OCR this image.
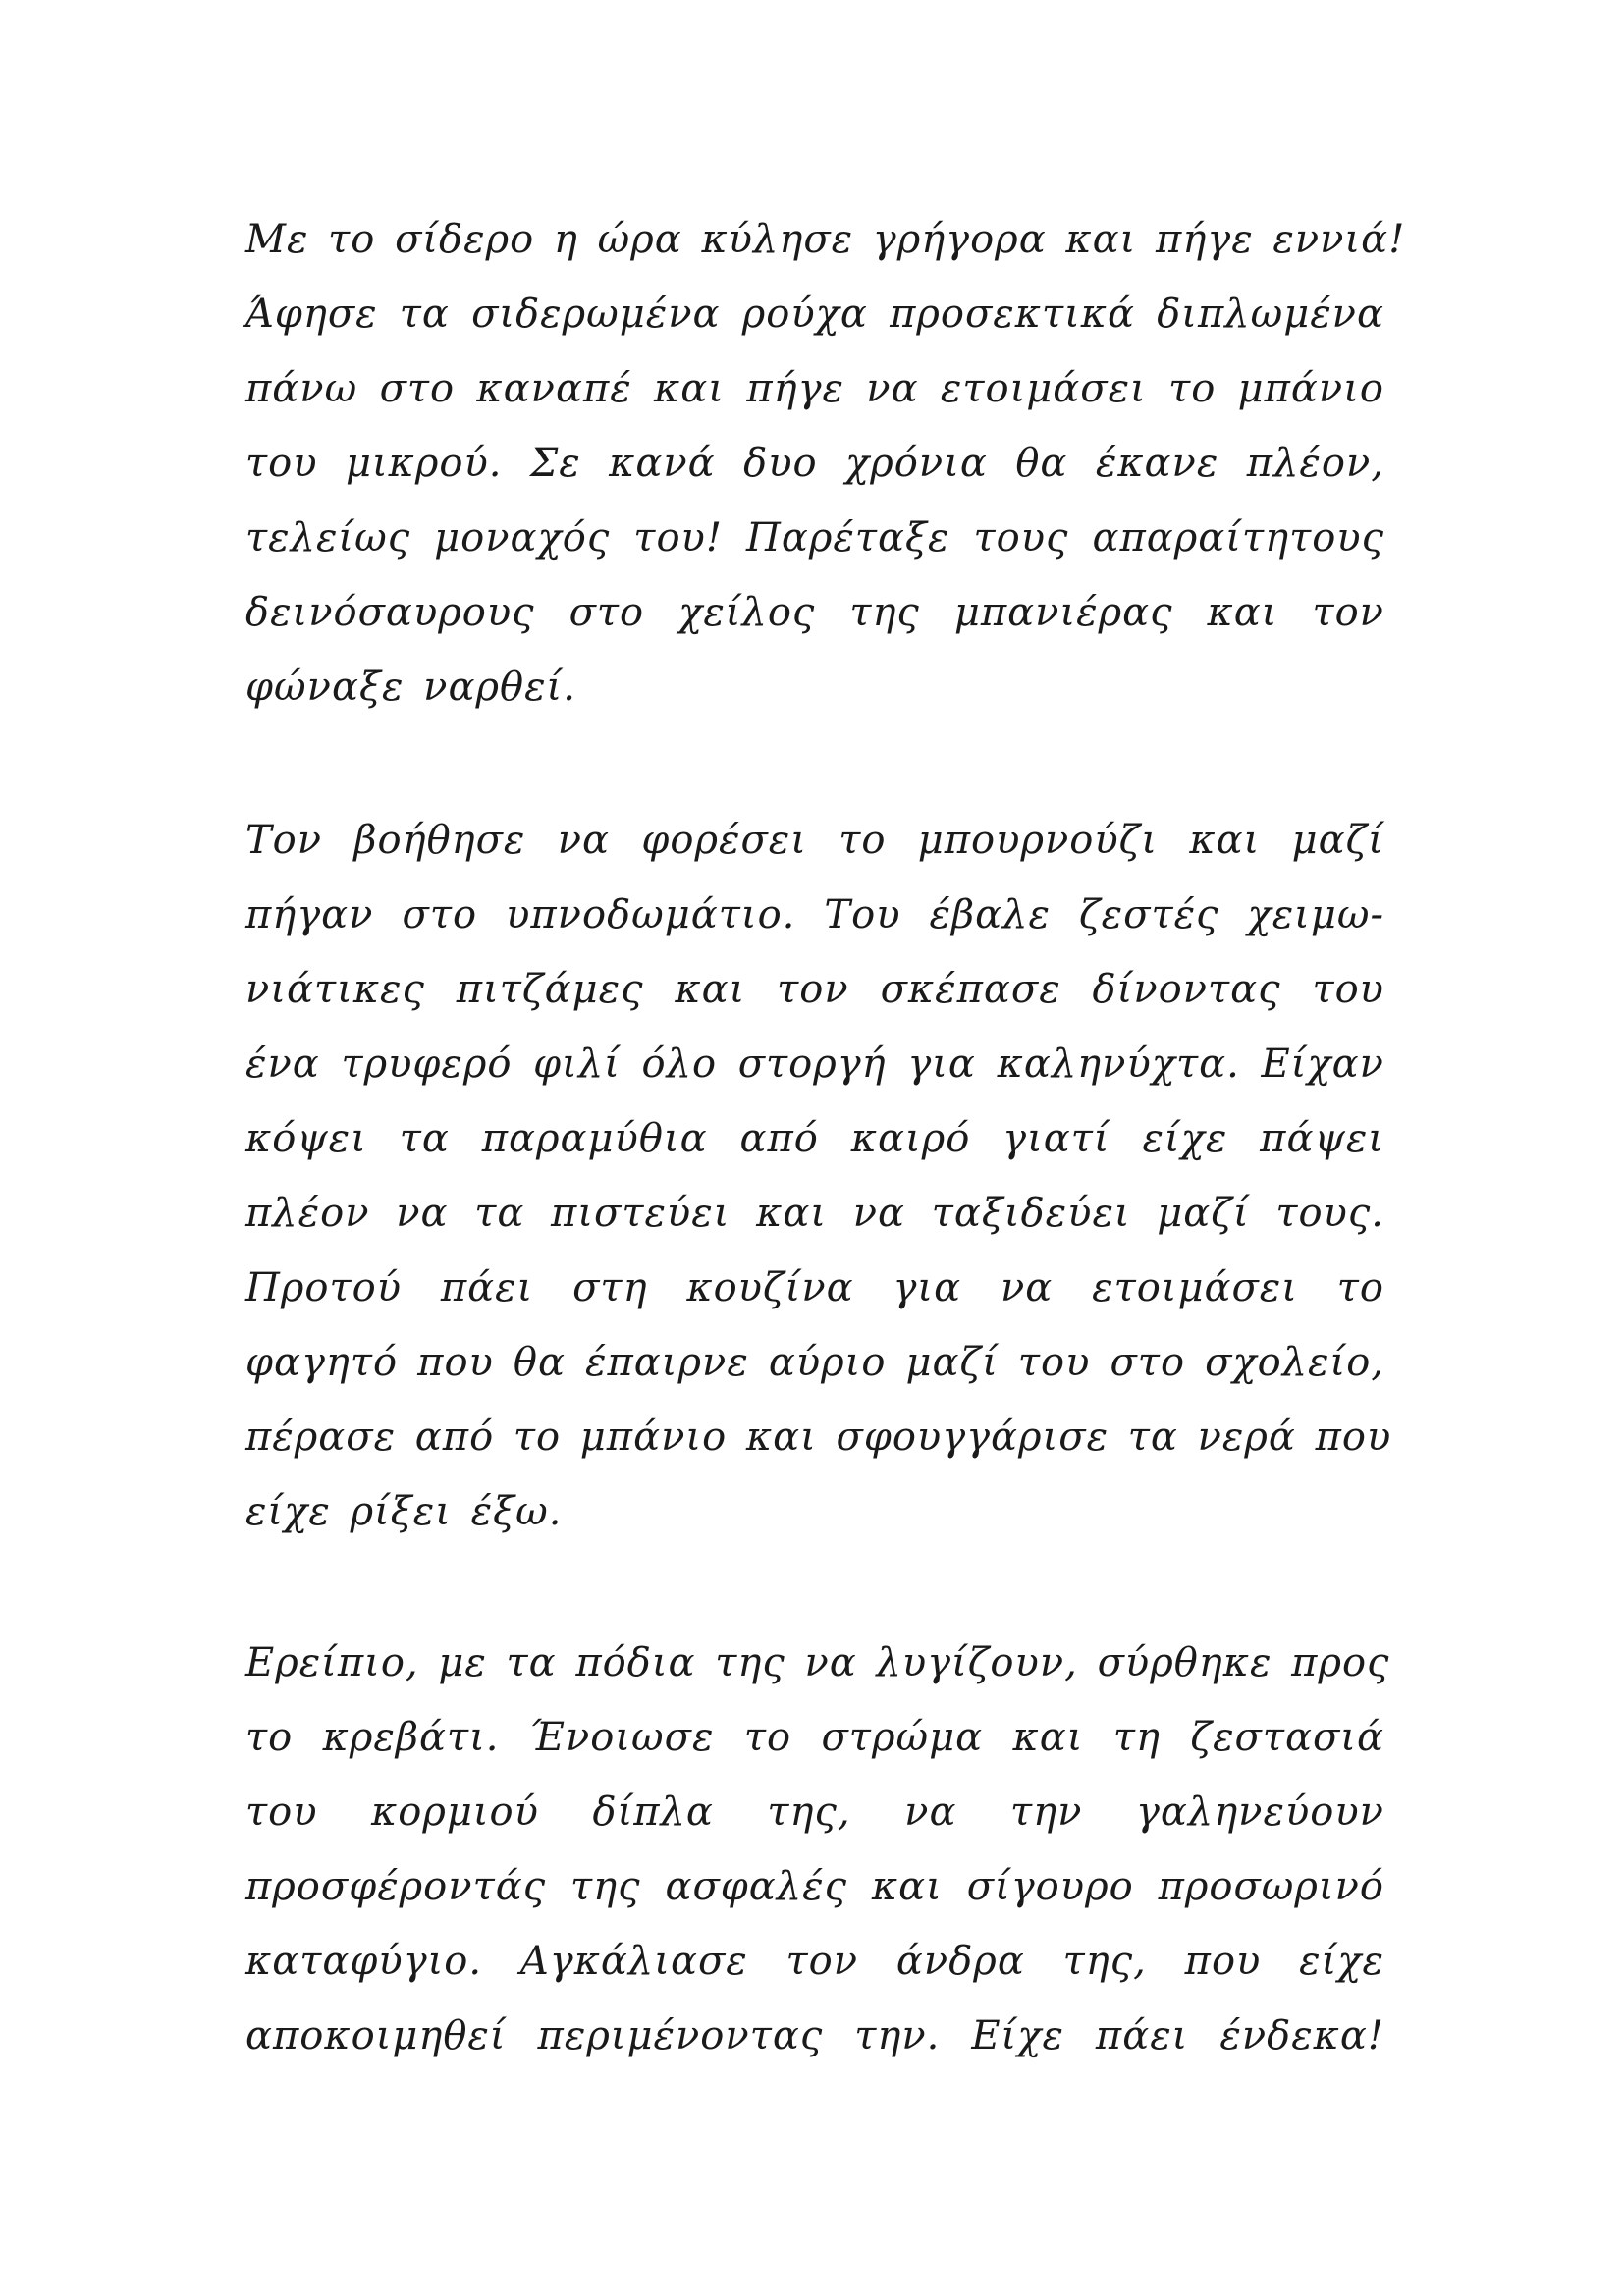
Με το σίδερο η ώρα κύλησε γρήγορα και πήγε εννιά!
Άφησε τα σιδερωμένα ρούχα προσεκτικά διπλωμένα
πάνω στο καναπέ και πήγε να ετοιμάσει το μπάνιο
του μικρού. Σε κανά δυο χρόνια θα έκανε πλέον,
τελείως μοναχός του! Παρέταξε τους απαραίτητους
δεινόσαυρους στο χείλος της μπανιέρας και τον
φώναξε ναρθεί.
Τον βοήθησε να φορέσει το μπουρνούζι και μαζί
πήγαν στο υπνοδωμάτιο. Του έβαλε ζεστές χειμω-
νιάτικες πιτζάμες και τον σκέπασε δίνοντας του
ένα τρυφερό φιλί όλο στοργή για καληνύχτα. Είχαν
κόψει τα παραμύθια από καιρό γιατί είχε πάψει
πλέον να τα πιστεύει και να ταξιδεύει μαζί τους.
Προτού πάει στη κουζίνα για να ετοιμάσει το
φαγητό που θα έπαιρνε αύριο μαζί του στο σχολείο,
πέρασε από το μπάνιο και σφουγγάρισε τα νερά που
είχε ρίξει έξω.
Ερείπιο, με τα πόδια της να λυγίζουν, σύρθηκε προς
το κρεβάτι. Ένοιωσε το στρώμα και τη ζεστασιά
του κορμιού δίπλα της, να την γαληνεύουν
προσφέροντάς της ασφαλές και σίγουρο προσωρινό
καταφύγιο. Αγκάλιασε τον άνδρα της, που είχε
αποκοιμηθεί περιμένοντας την. Είχε πάει ένδεκα!
